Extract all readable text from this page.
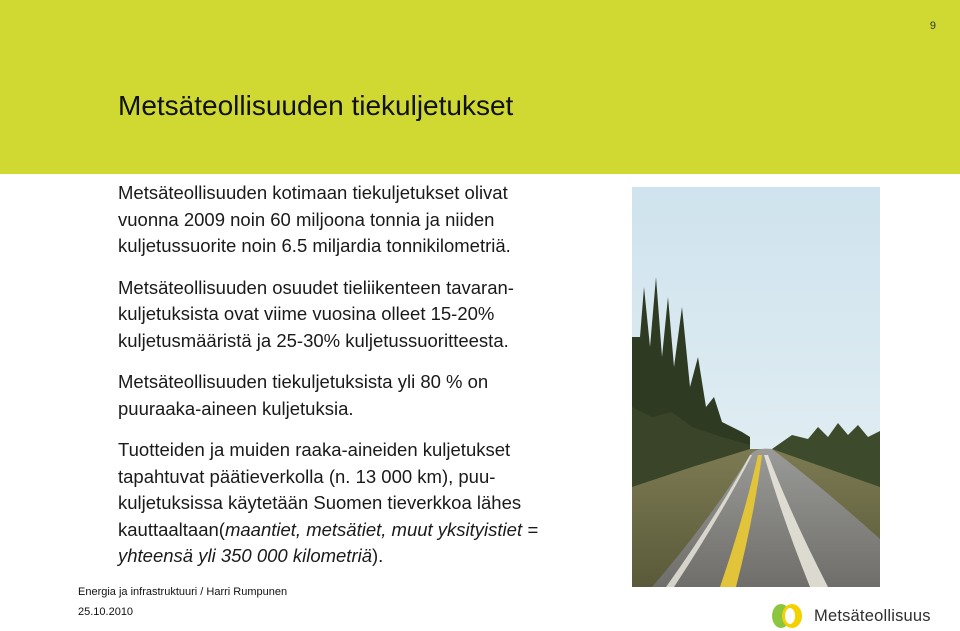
9
Metsäteollisuuden tiekuljetukset

Metsäteollisuuden kotimaan tiekuljetukset olivat
vuonna 2009 noin 60 miljoona tonnia ja niiden
kuljetussuorite noin 6.5 miljardia tonnikilometriä.

Metsäteollisuuden osuudet tieliikenteen tavaran-
kuljetuksista ovat viime vuosina olleet 15-20%
kuljetusmääristä ja 25-30% kuljetussuoritteesta.

Metsäteollisuuden tiekuljetuksista yli 80 % on
puuraaka-aineen kuljetuksia.

Tuotteiden ja muiden raaka-aineiden kuljetukset
tapahtuvat päätieverkolla (n. 13 000 km), puu-
kuljetuksissa käytetään Suomen tieverkkoa lähes
kauttaaltaan(maantiet, metsätiet, muut yksityistiet =
yhteensä yli 350 000 kilometriä).

Energia ja infrastruktuuri / Harri Rumpunen
25.10.2010	Metsäteollisuus
